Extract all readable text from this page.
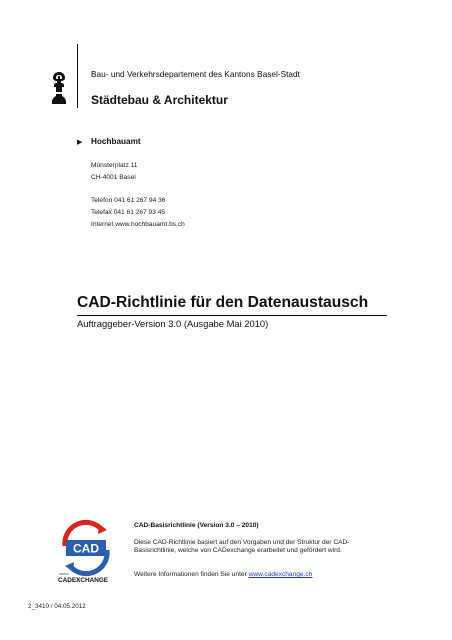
Bau- und Verkehrsdepartement des Kantons Basel-Stadt
Städtebau & Architektur
▶ Hochbauamt
Münsterplatz 11
CH-4001 Basel
Telefon 041 61 267 94 36
Telefax 041 61 267 93 45
Internet www.hochbauamt.bs.ch
CAD-Richtlinie für den Datenaustausch
Auftraggeber-Version 3.0 (Ausgabe Mai 2010)
CAD
SWISS
CADEXCHANGE
CAD-Basisrichtlinie (Version 3.0 – 2010)
Diese CAD-Richtlinie basiert auf den Vorgaben und der Struktur der CAD-Basisrichtlinie, welche von CADexchange erarbeitet und gefördert wird.
Weitere Informationen finden Sie unter www.cadexchange.ch
2_3410 / 04.05.2012
